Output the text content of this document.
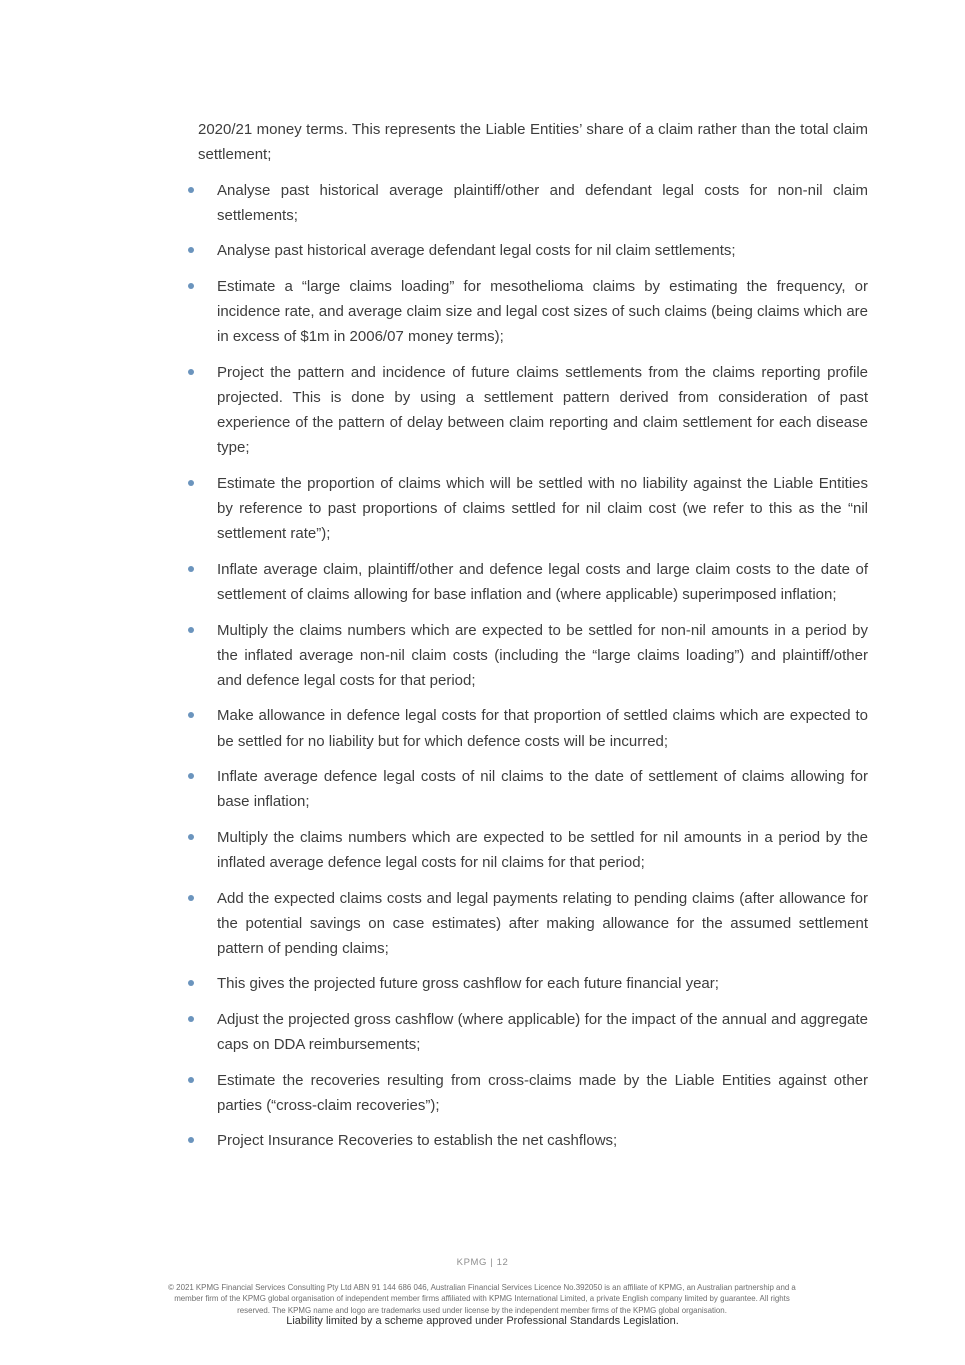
2020/21 money terms. This represents the Liable Entities’ share of a claim rather than the total claim settlement;

Analyse past historical average plaintiff/other and defendant legal costs for non-nil claim settlements;
Analyse past historical average defendant legal costs for nil claim settlements;
Estimate a “large claims loading” for mesothelioma claims by estimating the frequency, or incidence rate, and average claim size and legal cost sizes of such claims (being claims which are in excess of $1m in 2006/07 money terms);
Project the pattern and incidence of future claims settlements from the claims reporting profile projected. This is done by using a settlement pattern derived from consideration of past experience of the pattern of delay between claim reporting and claim settlement for each disease type;
Estimate the proportion of claims which will be settled with no liability against the Liable Entities by reference to past proportions of claims settled for nil claim cost (we refer to this as the “nil settlement rate”);
Inflate average claim, plaintiff/other and defence legal costs and large claim costs to the date of settlement of claims allowing for base inflation and (where applicable) superimposed inflation;
Multiply the claims numbers which are expected to be settled for non-nil amounts in a period by the inflated average non-nil claim costs (including the “large claims loading”) and plaintiff/other and defence legal costs for that period;
Make allowance in defence legal costs for that proportion of settled claims which are expected to be settled for no liability but for which defence costs will be incurred;
Inflate average defence legal costs of nil claims to the date of settlement of claims allowing for base inflation;
Multiply the claims numbers which are expected to be settled for nil amounts in a period by the inflated average defence legal costs for nil claims for that period;
Add the expected claims costs and legal payments relating to pending claims (after allowance for the potential savings on case estimates) after making allowance for the assumed settlement pattern of pending claims;
This gives the projected future gross cashflow for each future financial year;
Adjust the projected gross cashflow (where applicable) for the impact of the annual and aggregate caps on DDA reimbursements;
Estimate the recoveries resulting from cross-claims made by the Liable Entities against other parties (“cross-claim recoveries”);
Project Insurance Recoveries to establish the net cashflows;
KPMG | 12
© 2021 KPMG Financial Services Consulting Pty Ltd ABN 91 144 686 046, Australian Financial Services Licence No.392050 is an affiliate of KPMG, an Australian partnership and a
member firm of the KPMG global organisation of independent member firms affiliated with KPMG International Limited, a private English company limited by guarantee. All rights
reserved. The KPMG name and logo are trademarks used under license by the independent member firms of the KPMG global organisation.
Liability limited by a scheme approved under Professional Standards Legislation.
